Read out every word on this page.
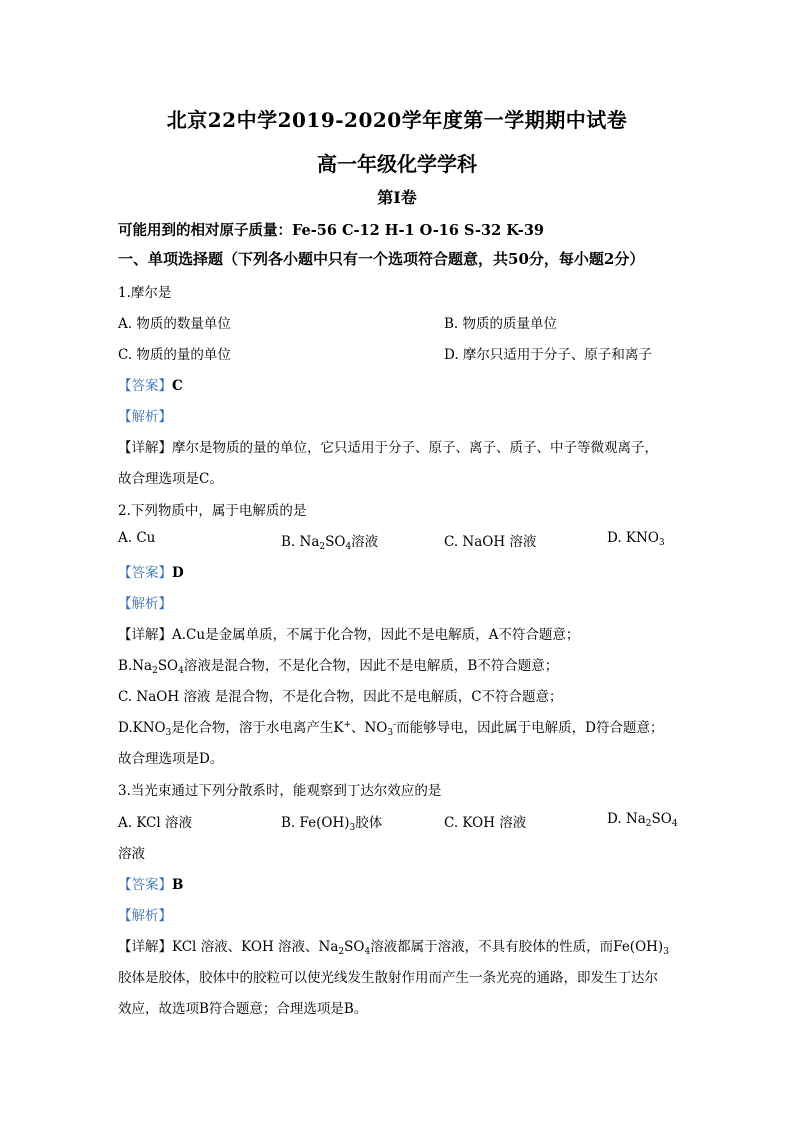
北京22中学2019-2020学年度第一学期期中试卷
高一年级化学学科
第Ⅰ卷
可能用到的相对原子质量：Fe-56 C-12 H-1 O-16 S-32 K-39
一、单项选择题（下列各小题中只有一个选项符合题意，共50分，每小题2分）
1.摩尔是
A. 物质的数量单位	B. 物质的质量单位
C. 物质的量的单位	D. 摩尔只适用于分子、原子和离子
【答案】C
【解析】
【详解】摩尔是物质的量的单位，它只适用于分子、原子、离子、质子、中子等微观离子，
故合理选项是C。
2.下列物质中，属于电解质的是
A. Cu	B. $Na_2SO_4$溶液	C. NaOH 溶液	D. $KNO_3$
【答案】D
【解析】
【详解】A.Cu是金属单质，不属于化合物，因此不是电解质，A不符合题意；
$B.Na_2SO_4$溶液是混合物，不是化合物，因此不是电解质，B不符合题意；
C. NaOH 溶液 是混合物，不是化合物，因此不是电解质，C不符合题意；
$D.KNO_3$是化合物，溶于水电离产生K+、$NO_3^-$而能够导电，因此属于电解质，D符合题意；
故合理选项是D。
3.当光束通过下列分散系时，能观察到丁达尔效应的是
A. KCl 溶液	B. $Fe(OH)_3$胶体	C. KOH 溶液	D. $Na_2SO_4$
溶液
【答案】B
【解析】
【详解】KCl 溶液、KOH 溶液、$Na_2SO_4$溶液都属于溶液，不具有胶体的性质，而$Fe(OH)_3$
胶体是胶体，胶体中的胶粒可以使光线发生散射作用而产生一条光亮的通路，即发生丁达尔
效应，故选项B符合题意；合理选项是B。
